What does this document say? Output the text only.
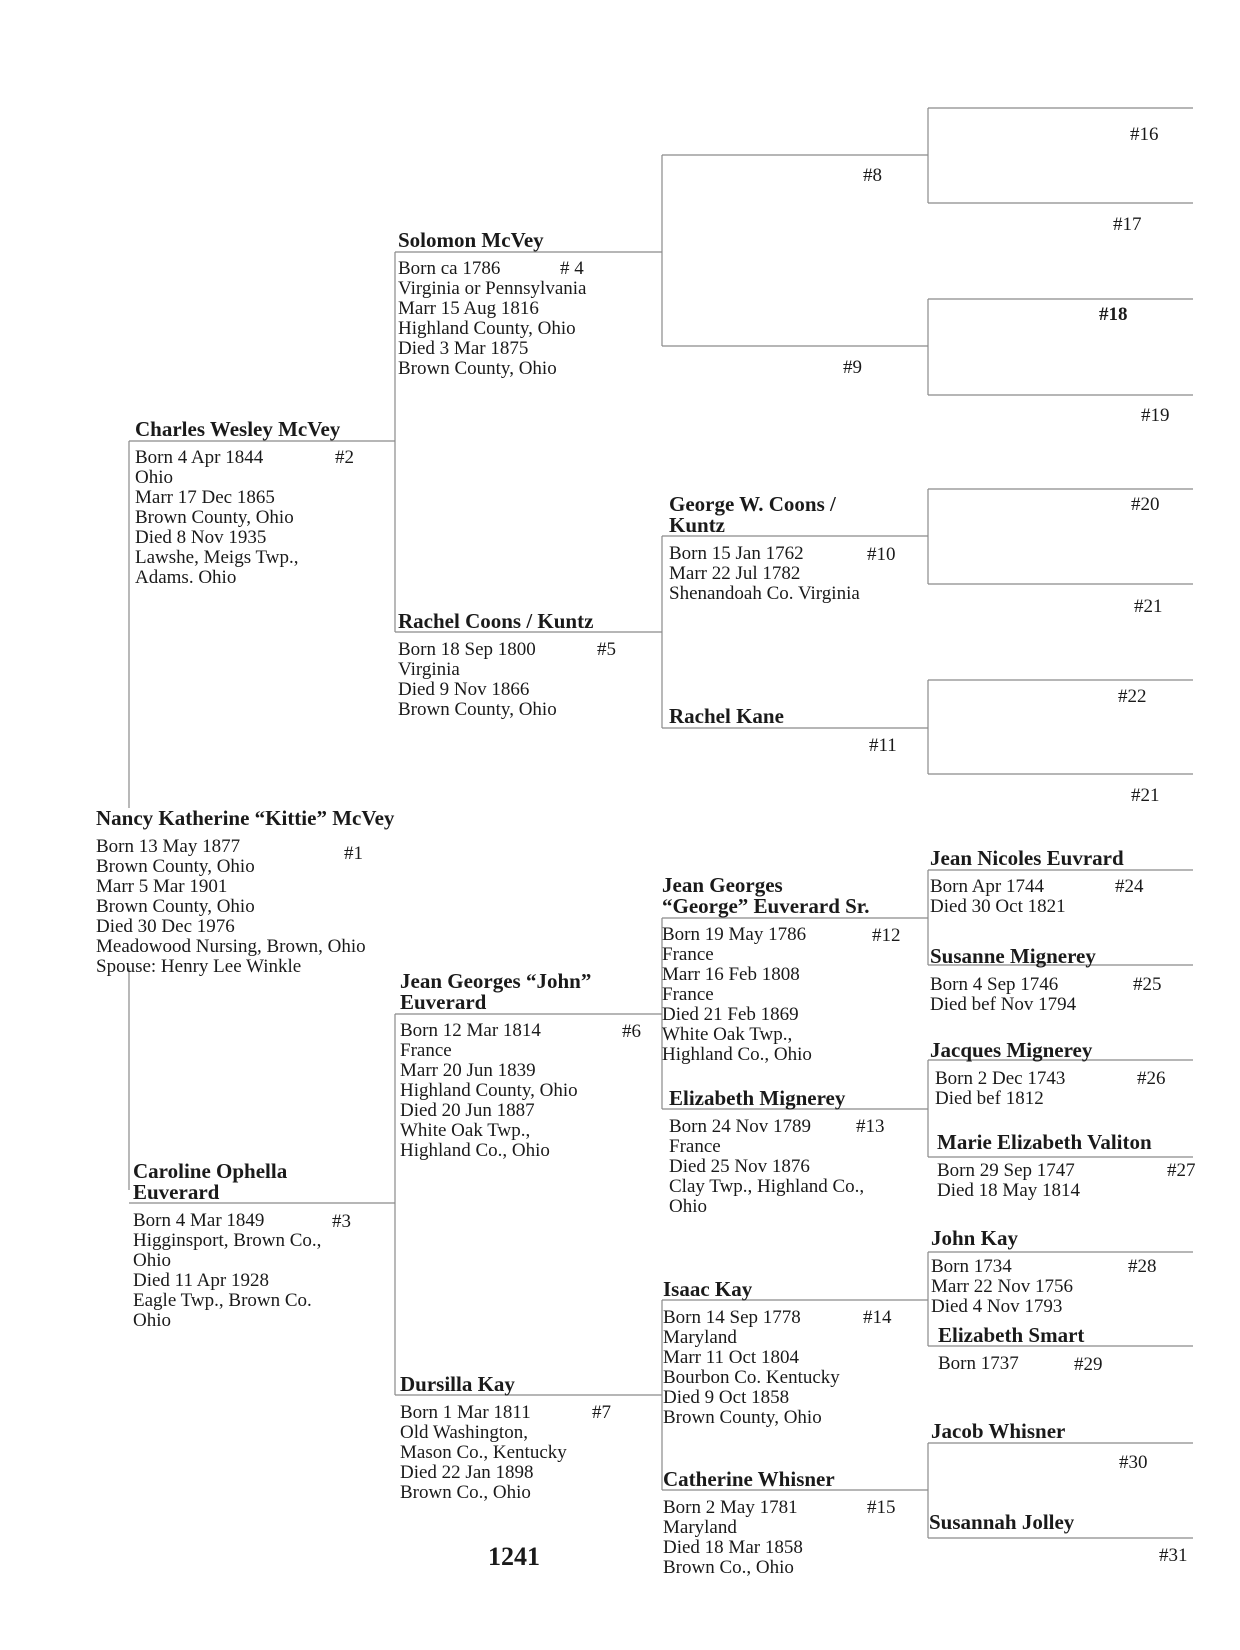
Nancy Katherine “Kittie” McVey
#1
Born 13 May 1877
Brown County, Ohio
Marr 5 Mar 1901
Brown County, Ohio
Died 30 Dec 1976
Meadowood Nursing, Brown, Ohio
Spouse: Henry Lee Winkle
Charles Wesley McVey
#2
Born 4 Apr 1844
Ohio
Marr 17 Dec 1865
Brown County, Ohio
Died 8 Nov 1935
Lawshe, Meigs Twp.,
Adams. Ohio
Caroline Ophella
Euverard
#3
Born 4 Mar 1849
Higginsport, Brown Co.,
Ohio
Died 11 Apr 1928
Eagle Twp., Brown Co.
Ohio
Solomon McVey
# 4
Born ca 1786
Virginia or Pennsylvania
Marr 15 Aug 1816
Highland County, Ohio
Died 3 Mar 1875
Brown County, Ohio
Rachel Coons / Kuntz
#5
Born 18 Sep 1800
Virginia
Died 9 Nov 1866
Brown County, Ohio
Jean Georges “John”
Euverard
#6
Born 12 Mar 1814
France
Marr 20 Jun 1839
Highland County, Ohio
Died 20 Jun 1887
White Oak Twp.,
Highland Co., Ohio
Dursilla Kay
#7
Born 1 Mar 1811
Old Washington,
Mason Co., Kentucky
Died 22 Jan 1898
Brown Co., Ohio
George W. Coons /
Kuntz
#10
Born 15 Jan 1762
Marr 22 Jul 1782
Shenandoah Co. Virginia
Rachel Kane
#11
Jean Georges
“George” Euverard Sr.
#12
Born 19 May 1786
France
Marr 16 Feb 1808
France
Died 21 Feb 1869
White Oak Twp.,
Highland Co., Ohio
Elizabeth Mignerey
#13
Born 24 Nov 1789
France
Died 25 Nov 1876
Clay Twp., Highland Co.,
Ohio
Isaac Kay
#14
Born 14 Sep 1778
Maryland
Marr 11 Oct 1804
Bourbon Co. Kentucky
Died 9 Oct 1858
Brown County, Ohio
Catherine Whisner
#15
Born 2 May 1781
Maryland
Died 18 Mar 1858
Brown Co., Ohio
Jean Nicoles Euvrard
#24
Born Apr 1744
Died 30 Oct 1821
Susanne Mignerey
#25
Born 4 Sep 1746
Died bef Nov 1794
Jacques Mignerey
#26
Born 2 Dec 1743
Died bef 1812
Marie Elizabeth Valiton
#27
Born 29 Sep 1747
Died 18 May 1814
John Kay
#28
Born 1734
Marr 22 Nov 1756
Died 4 Nov 1793
Elizabeth Smart
#29
Born 1737
Jacob Whisner
#30
Susannah Jolley
#31
#8
#9
#16
#17
#18
#19
#20
#21
#22
#21
1241
